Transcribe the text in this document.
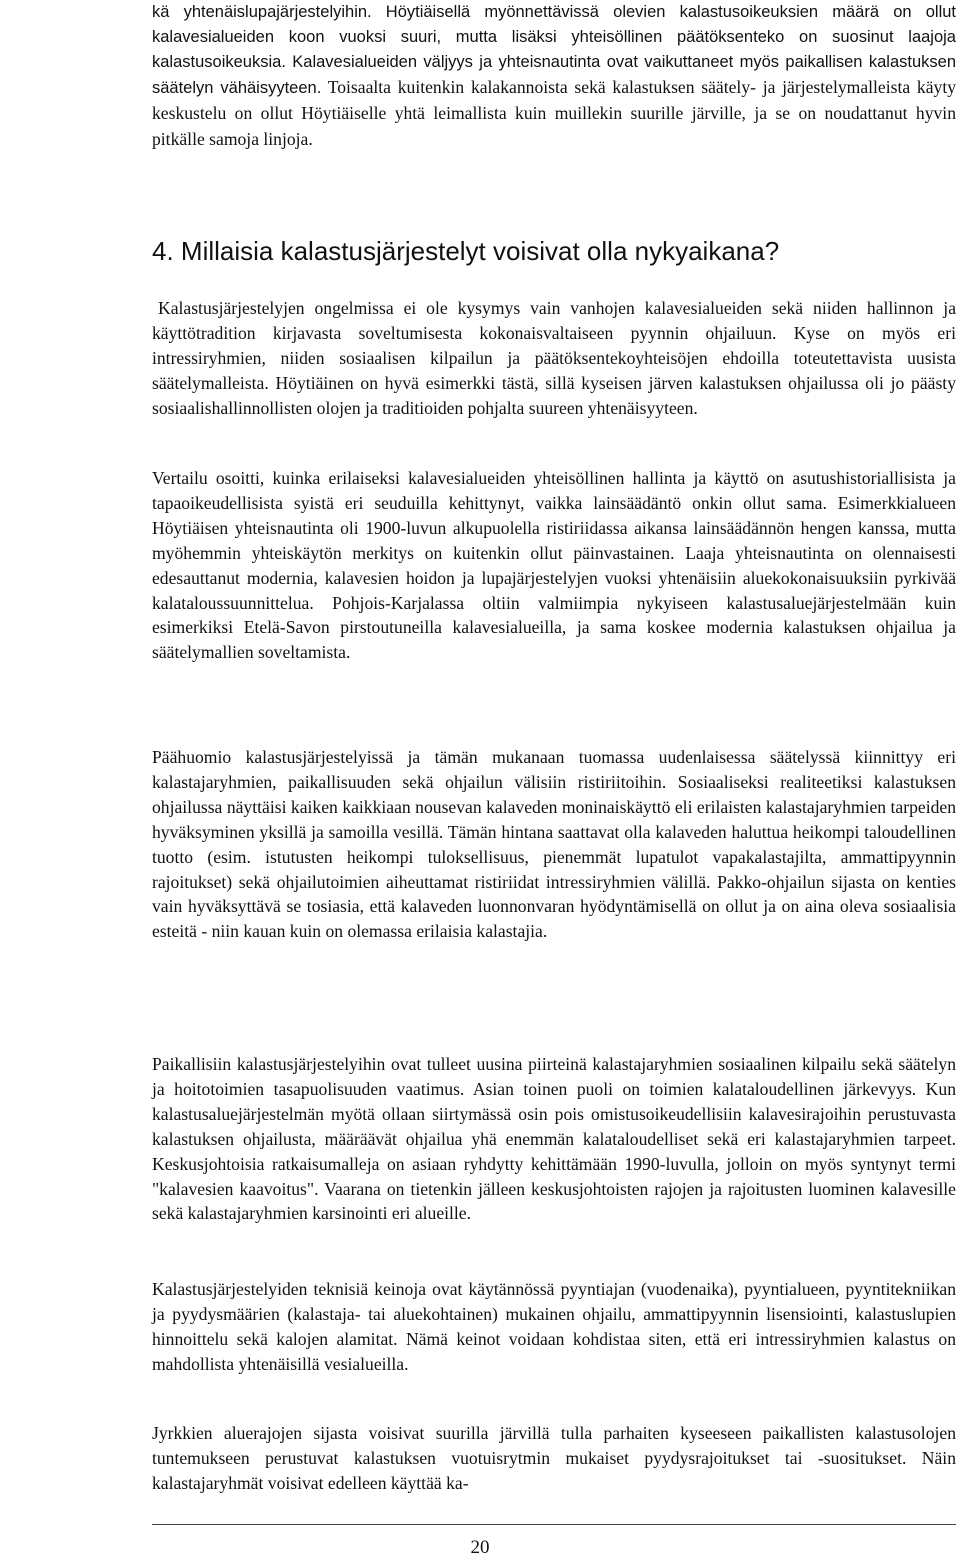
kä yhtenäislupajärjestelyihin. Höytiäisellä myönnettävissä olevien kalastusoikeuksien määrä on ollut kalavesialueiden koon vuoksi suuri, mutta lisäksi yhteisöllinen päätöksenteko on suosinut laajoja kalastusoikeuksia. Kalavesialueiden väljyys ja yhteisnautinta ovat vaikuttaneet myös paikallisen kalastuksen säätelyn vähäisyyteen. Toisaalta kuitenkin kalakannoista sekä kalastuksen säätely- ja järjestelymalleista käyty keskustelu on ollut Höytiäiselle yhtä leimallista kuin muillekin suurille järville, ja se on noudattanut hyvin pitkälle samoja linjoja.

4. Millaisia kalastusjärjestelyt voisivat olla nykyaikana?

Kalastusjärjestelyjen ongelmissa ei ole kysymys vain vanhojen kalavesialueiden sekä niiden hallinnon ja käyttötradition kirjavasta soveltumisesta kokonaisvaltaiseen pyynnin ohjailuun. Kyse on myös eri intressiryhmien, niiden sosiaalisen kilpailun ja päätöksentekoyhteisöjen ehdoilla toteutettavista uusista säätelymalleista. Höytiäinen on hyvä esimerkki tästä, sillä kyseisen järven kalastuksen ohjailussa oli jo päästy sosiaalishallinnollisten olojen ja traditioiden pohjalta suureen yhtenäisyyteen.

Vertailu osoitti, kuinka erilaiseksi kalavesialueiden yhteisöllinen hallinta ja käyttö on asutushistoriallisista ja tapaoikeudellisista syistä eri seuduilla kehittynyt, vaikka lainsäädäntö onkin ollut sama. Esimerkkialueen Höytiäisen yhteisnautinta oli 1900-luvun alkupuolella ristiriidassa aikansa lainsäädännön hengen kanssa, mutta myöhemmin yhteiskäytön merkitys on kuitenkin ollut päinvastainen. Laaja yhteisnautinta on olennaisesti edesauttanut modernia, kalavesien hoidon ja lupajärjestelyjen vuoksi yhtenäisiin aluekokonaisuuksiin pyrkivää kalataloussuunnittelua. Pohjois-Karjalassa oltiin valmiimpia nykyiseen kalastusaluejärjestelmään kuin esimerkiksi Etelä-Savon pirstoutuneilla kalavesialueilla, ja sama koskee modernia kalastuksen ohjailua ja säätelymallien soveltamista.

Päähuomio kalastusjärjestelyissä ja tämän mukanaan tuomassa uudenlaisessa säätelyssä kiinnittyy eri kalastajaryhmien, paikallisuuden sekä ohjailun välisiin ristiriitoihin. Sosiaaliseksi realiteetiksi kalastuksen ohjailussa näyttäisi kaiken kaikkiaan nousevan kalaveden moninaiskäyttö eli erilaisten kalastajaryhmien tarpeiden hyväksyminen yksillä ja samoilla vesillä. Tämän hintana saattavat olla kalaveden haluttua heikompi taloudellinen tuotto (esim. istutusten heikompi tuloksellisuus, pienemmät lupatulot vapakalastajilta, ammattipyynnin rajoitukset) sekä ohjailutoimien aiheuttamat ristiriidat intressiryhmien välillä. Pakko-ohjailun sijasta on kenties vain hyväksyttävä se tosiasia, että kalaveden luonnonvaran hyödyntämisellä on ollut ja on aina oleva sosiaalisia esteitä - niin kauan kuin on olemassa erilaisia kalastajia.

Paikallisiin kalastusjärjestelyihin ovat tulleet uusina piirteinä kalastajaryhmien sosiaalinen kilpailu sekä säätelyn ja hoitotoimien tasapuolisuuden vaatimus. Asian toinen puoli on toimien kalataloudellinen järkevyys. Kun kalastusaluejärjestelmän myötä ollaan siirtymässä osin pois omistusoikeudellisiin kalavesirajoihin perustuvasta kalastuksen ohjailusta, määräävät ohjailua yhä enemmän kalataloudelliset sekä eri kalastajaryhmien tarpeet. Keskusjohtoisia ratkaisumalleja on asiaan ryhdytty kehittämään 1990-luvulla, jolloin on myös syntynyt termi "kalavesien kaavoitus". Vaarana on tietenkin jälleen keskusjohtoisten rajojen ja rajoitusten luominen kalavesille sekä kalastajaryhmien karsinointi eri alueille.

Kalastusjärjestelyiden teknisiä keinoja ovat käytännössä pyyntiajan (vuodenaika), pyyntialueen, pyyntitekniikan ja pyydysmäärien (kalastaja- tai aluekohtainen) mukainen ohjailu, ammattipyynnin lisensiointi, kalastuslupien hinnoittelu sekä kalojen alamitat. Nämä keinot voidaan kohdistaa siten, että eri intressiryhmien kalastus on mahdollista yhtenäisillä vesialueilla.

Jyrkkien aluerajojen sijasta voisivat suurilla järvillä tulla parhaiten kyseeseen paikallisten kalastusolojen tuntemukseen perustuvat kalastuksen vuotuisrytmin mukaiset pyydysrajoitukset tai -suositukset. Näin kalastajaryhmät voisivat edelleen käyttää ka-

20
